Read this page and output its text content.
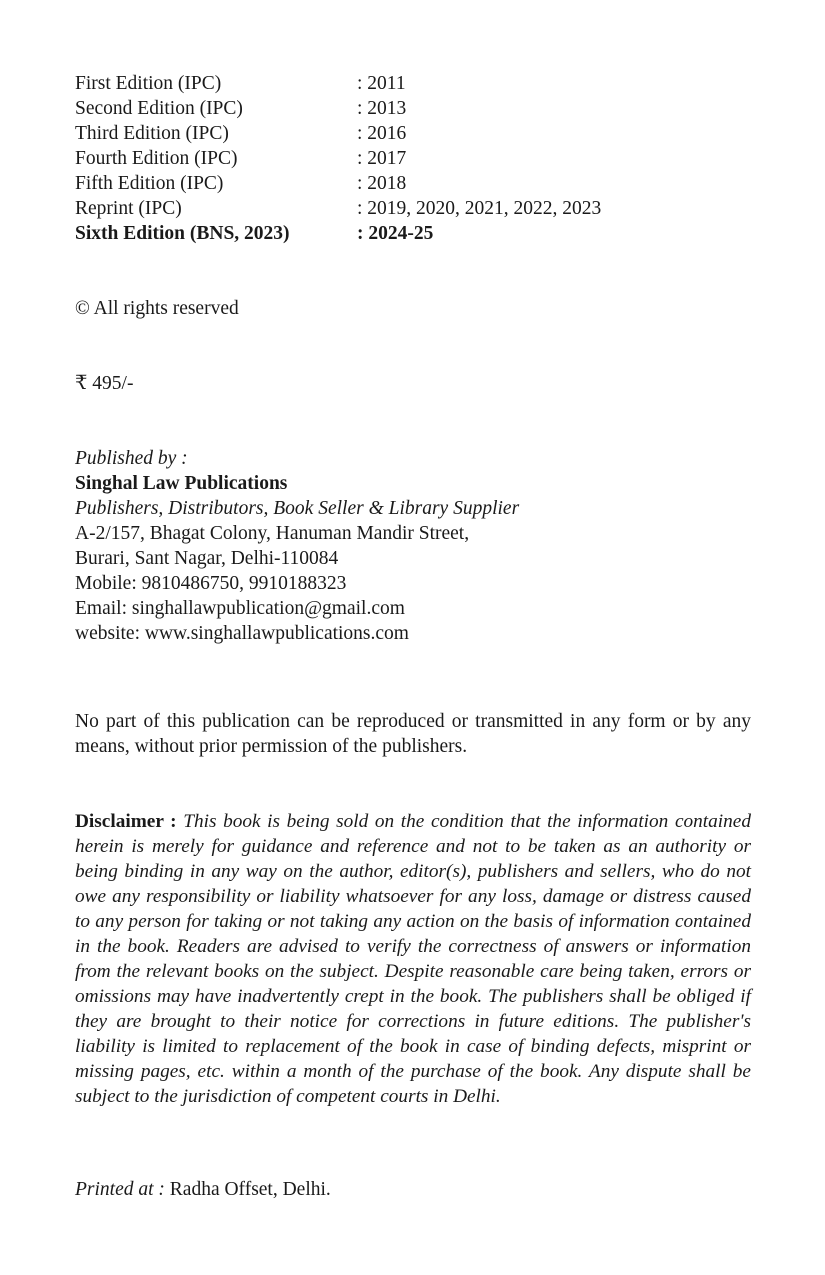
First Edition (IPC)	: 2011
Second Edition (IPC)	: 2013
Third Edition (IPC)	: 2016
Fourth Edition (IPC)	: 2017
Fifth Edition (IPC)	: 2018
Reprint (IPC)	: 2019, 2020, 2021, 2022, 2023
Sixth Edition (BNS, 2023)	: 2024-25
© All rights reserved
₹ 495/-
Published by :
Singhal Law Publications
Publishers, Distributors, Book Seller & Library Supplier
A-2/157, Bhagat Colony, Hanuman Mandir Street,
Burari, Sant Nagar, Delhi-110084
Mobile: 9810486750, 9910188323
Email: singhallawpublication@gmail.com
website: www.singhallawpublications.com
No part of this publication can be reproduced or transmitted in any form or by any means, without prior permission of the publishers.
Disclaimer : This book is being sold on the condition that the information contained herein is merely for guidance and reference and not to be taken as an authority or being binding in any way on the author, editor(s), publishers and sellers, who do not owe any responsibility or liability whatsoever for any loss, damage or distress caused to any person for taking or not taking any action on the basis of information contained in the book. Readers are advised to verify the correctness of answers or information from the relevant books on the subject. Despite reasonable care being taken, errors or omissions may have inadvertently crept in the book. The publishers shall be obliged if they are brought to their notice for corrections in future editions. The publisher's liability is limited to replacement of the book in case of binding defects, misprint or missing pages, etc. within a month of the purchase of the book. Any dispute shall be subject to the jurisdiction of competent courts in Delhi.
Printed at : Radha Offset, Delhi.
